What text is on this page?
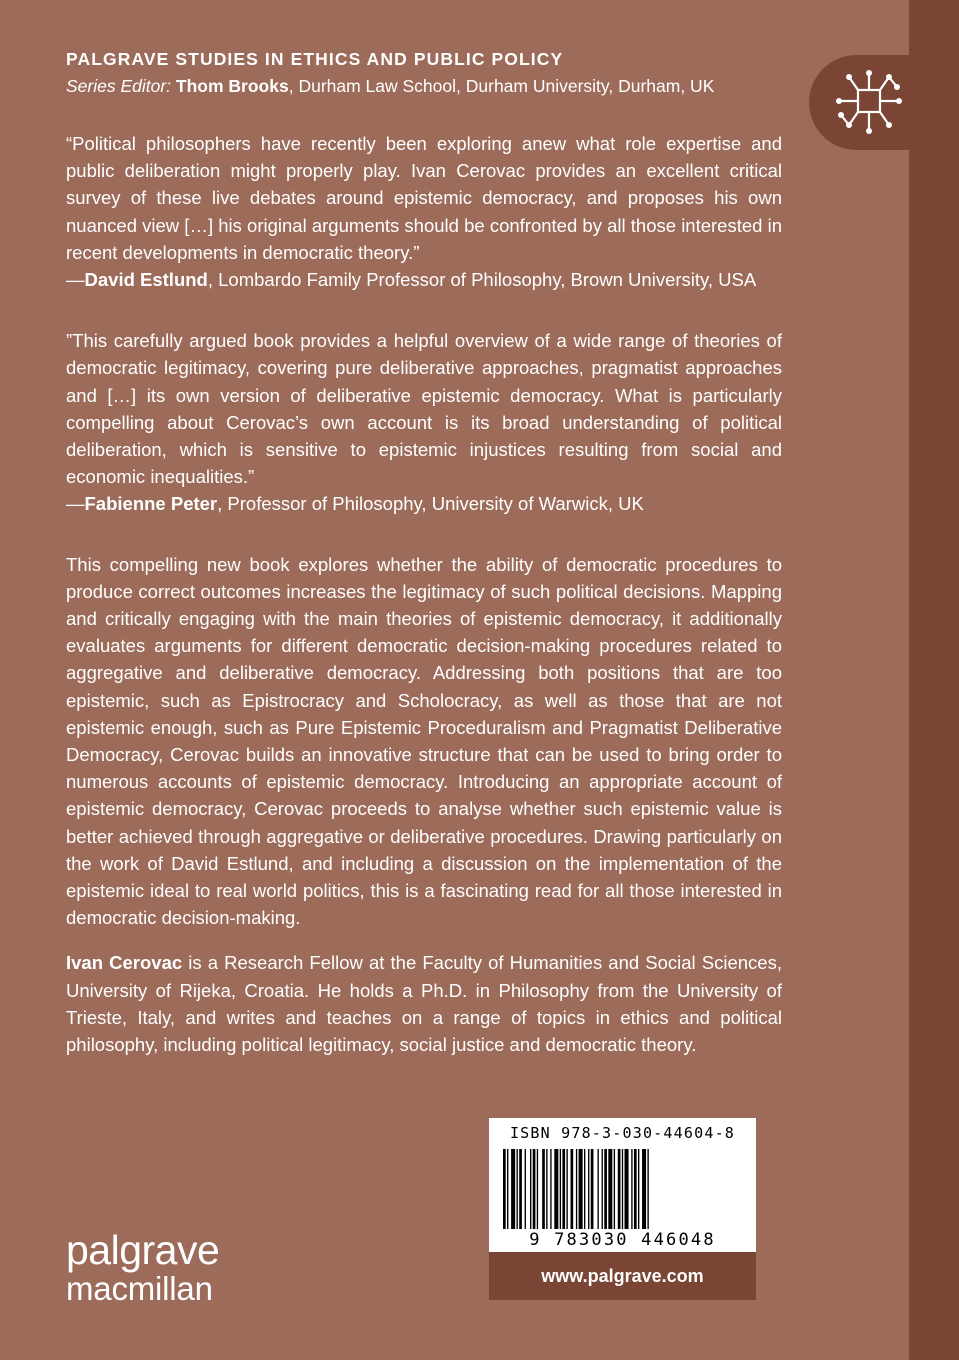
PALGRAVE STUDIES IN ETHICS AND PUBLIC POLICY
Series Editor: Thom Brooks, Durham Law School, Durham University, Durham, UK

“Political philosophers have recently been exploring anew what role expertise and public deliberation might properly play. Ivan Cerovac provides an excellent critical survey of these live debates around epistemic democracy, and proposes his own nuanced view […] his original arguments should be confronted by all those interested in recent developments in democratic theory.”

—David Estlund, Lombardo Family Professor of Philosophy, Brown University, USA

”This carefully argued book provides a helpful overview of a wide range of theories of democratic legitimacy, covering pure deliberative approaches, pragmatist approaches and […] its own version of deliberative epistemic democracy. What is particularly compelling about Cerovac’s own account is its broad understanding of political deliberation, which is sensitive to epistemic injustices resulting from social and economic inequalities.”

—Fabienne Peter, Professor of Philosophy, University of Warwick, UK

This compelling new book explores whether the ability of democratic procedures to produce correct outcomes increases the legitimacy of such political decisions. Mapping and critically engaging with the main theories of epistemic democracy, it additionally evaluates arguments for different democratic decision-making procedures related to aggregative and deliberative democracy. Addressing both positions that are too epistemic, such as Epistrocracy and Scholocracy, as well as those that are not epistemic enough, such as Pure Epistemic Proceduralism and Pragmatist Deliberative Democracy, Cerovac builds an innovative structure that can be used to bring order to numerous accounts of epistemic democracy. Introducing an appropriate account of epistemic democracy, Cerovac proceeds to analyse whether such epistemic value is better achieved through aggregative or deliberative procedures. Drawing particularly on the work of David Estlund, and including a discussion on the implementation of the epistemic ideal to real world politics, this is a fascinating read for all those interested in democratic decision-making.

Ivan Cerovac is a Research Fellow at the Faculty of Humanities and Social Sciences, University of Rijeka, Croatia. He holds a Ph.D. in Philosophy from the University of Trieste, Italy, and writes and teaches on a range of topics in ethics and political philosophy, including political legitimacy, social justice and democratic theory.

palgrave
macmillan
ISBN 978-3-030-44604-8
9 783030 446048
www.palgrave.com
